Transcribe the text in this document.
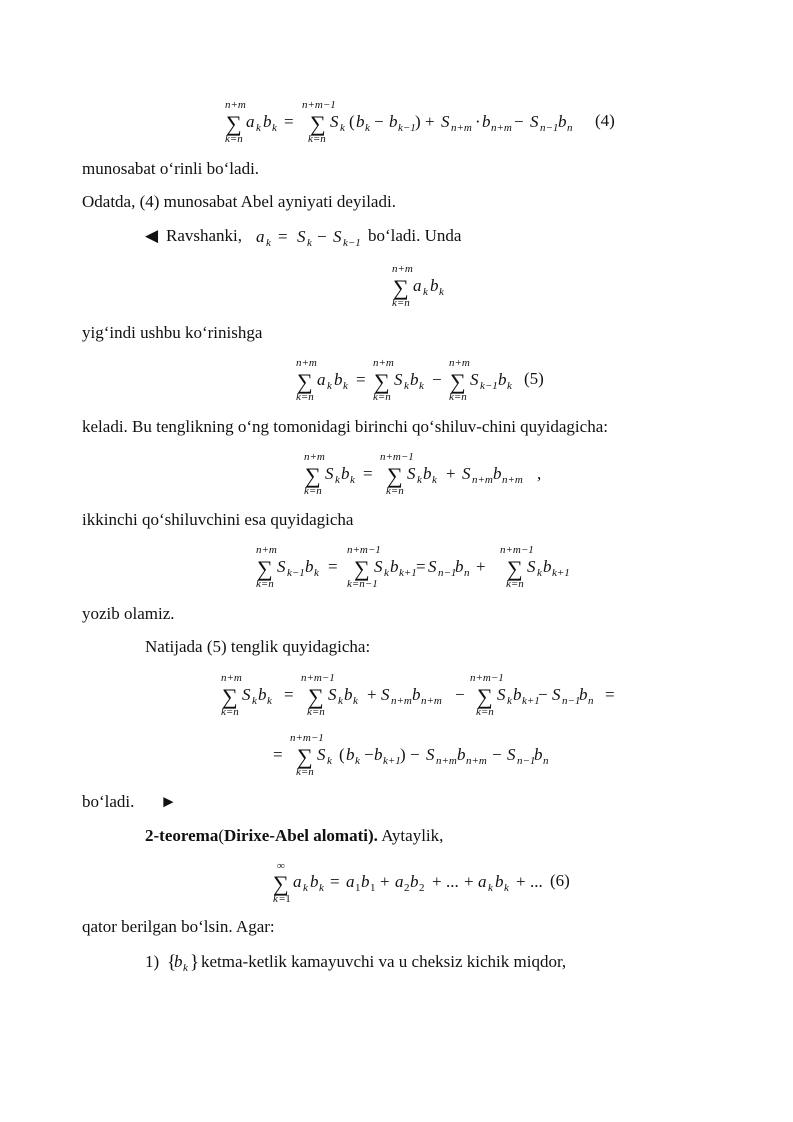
n+m
∑
k=n
a k b k =
n+m−1
∑
k=n
S k ( b k − b k−1 ) + S n+m · b n+m − S n−1 b n (4)
munosabat o‘rinli bo‘ladi.
Odatda, (4) munosabat Abel ayniyati deyiladi.
◀ Ravshanki, a k = S k − S k−1 bo‘ladi. Unda
n+m
∑
k=n
a k b k
yig‘indi ushbu ko‘rinishga
n+m
∑
k=n
a k b k =
n+m
∑
k=n
S k b k −
n+m
∑
k=n
S k−1 b k (5)
keladi. Bu tenglikning o‘ng tomonidagi birinchi qo‘shiluv-chini quyidagicha:
n+m
∑
k=n
S k b k =
n+m−1
∑
k=n
S k b k + S n+m b n+m ,
ikkinchi qo‘shiluvchini esa quyidagicha
n+m
∑
k=n
S k−1 b k =
n+m−1
∑
k=n−1
S k b k+1 = S n−1
b n +
n+m−1
∑
k=n
S k b k+1
yozib olamiz.
Natijada (5) tenglik quyidagicha:
n+m
∑
k=n
S k b k =
n+m−1
∑
k=n
S k b k + S n+m b n+m −
n+m−1
∑
k=n
S k b k+1
− S n−1
b n =
=
n+m−1
∑
k=n
S k ( b k − b k+1 ) − S n+m b n+m − S n−1
b n
bo‘ladi. ►
2-teorema(Dirixe-Abel alomati). Aytaylik,
∞
∑
k =1
a k b k = a 1 b 1 + a 2 b 2 + ... + a k b k + ... (6)
qator berilgan bo‘lsin. Agar:
1) {
b k } ketma-ketlik kamayuvchi va u cheksiz kichik miqdor,
